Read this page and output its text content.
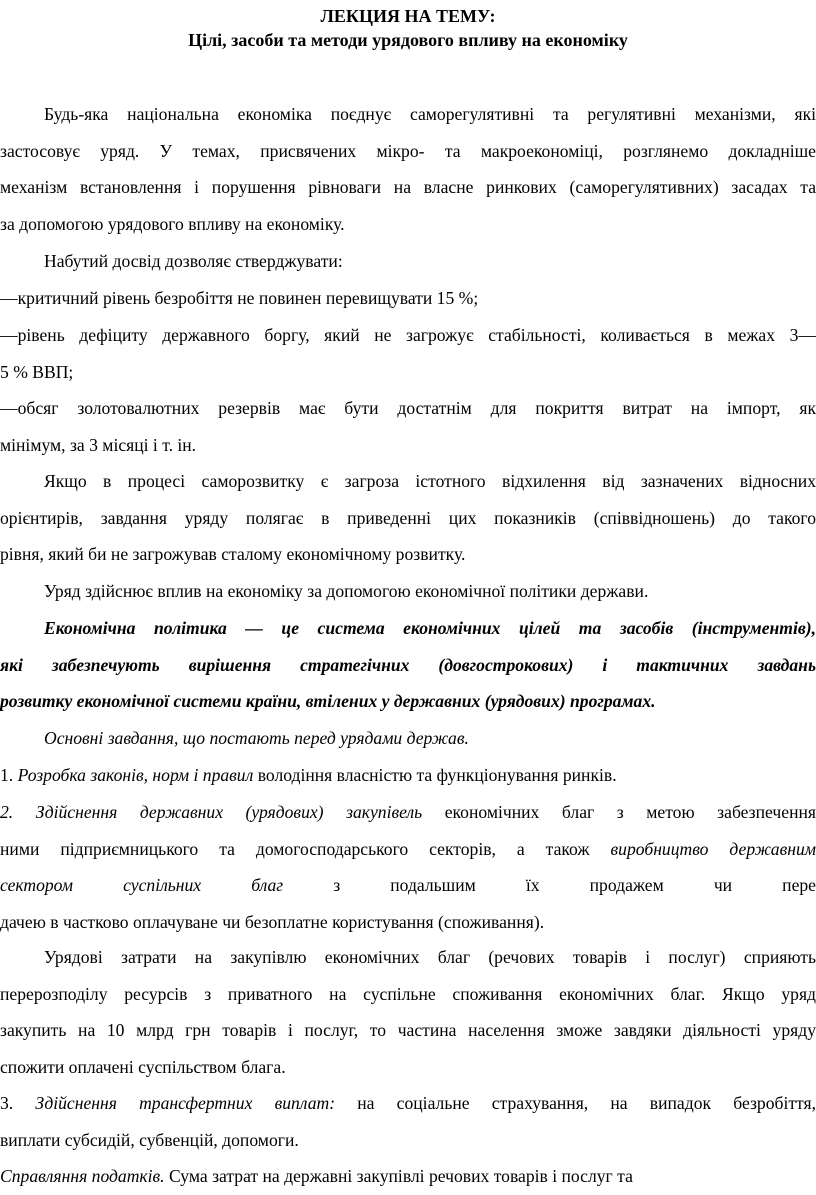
ЛЕКЦИЯ НА ТЕМУ:
Цілі, засоби та методи урядового впливу на економіку

Будь-яка національна економіка поєднує саморегулятивні та регулятивні механізми, які
застосовує уряд. У темах, присвячених мікро- та макроекономіці, розглянемо докладніше
механізм встановлення і порушення рівноваги на власне ринкових (саморегулятивних) засадах та
за допомогою урядового впливу на економіку.

Набутий досвід дозволяє стверджувати:

—критичний рівень безробіття не повинен перевищувати 15 %;

—рівень дефіциту державного боргу, який не загрожує стабільності, коливається в межах 3—
5 % ВВП;

—обсяг золотовалютних резервів має бути достатнім для покриття витрат на імпорт, як
мінімум, за 3 місяці і т. ін.

Якщо в процесі саморозвитку є загроза істотного відхилення від зазначених відносних
орієнтирів, завдання уряду полягає в приведенні цих показників (співвідношень) до такого
рівня, який би не загрожував сталому економічному розвитку.

Уряд здійснює вплив на економіку за допомогою економічної політики держави.

Економічна політика — це система економічних цілей та засобів (інструментів),
які забезпечують вирішення стратегічних (довгострокових) і тактичних завдань
розвитку економічної системи країни, втілених у державних (урядових) програмах.

Основні завдання, що постають перед урядами держав.

1. Розробка законів, норм і правил володіння власністю та функціонування ринків.

2. Здійснення державних (урядових) закупівель економічних благ з метою забезпечення
ними підприємницького та домогосподарського секторів, а також виробництво державним
сектором суспільних благ	з подальшим їх продажем чи пере
дачею в частково оплачуване чи безоплатне користування (споживання).

Урядові затрати на закупівлю економічних благ (речових товарів і послуг) сприяють
перерозподілу ресурсів з приватного на суспільне споживання економічних благ. Якщо уряд
закупить на 10 млрд грн товарів і послуг, то частина населення зможе завдяки діяльності уряду
спожити оплачені суспільством блага.

3. Здійснення трансфертних виплат: на соціальне страхування, на випадок безробіття,
виплати субсидій, субвенцій, допомоги.

Справляння податків. Сума затрат на державні закупівлі речових товарів і послуг та
